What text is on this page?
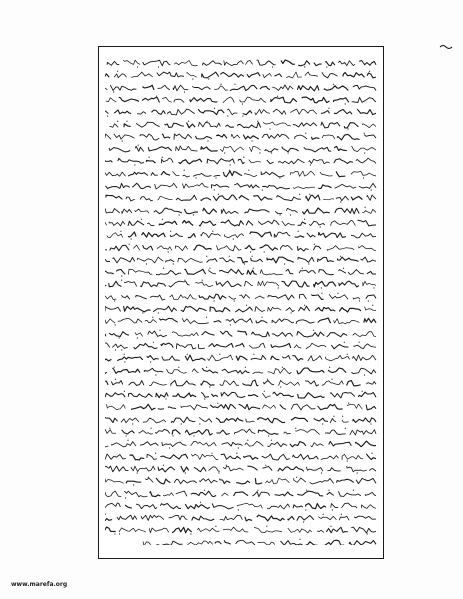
www.marefa.org
